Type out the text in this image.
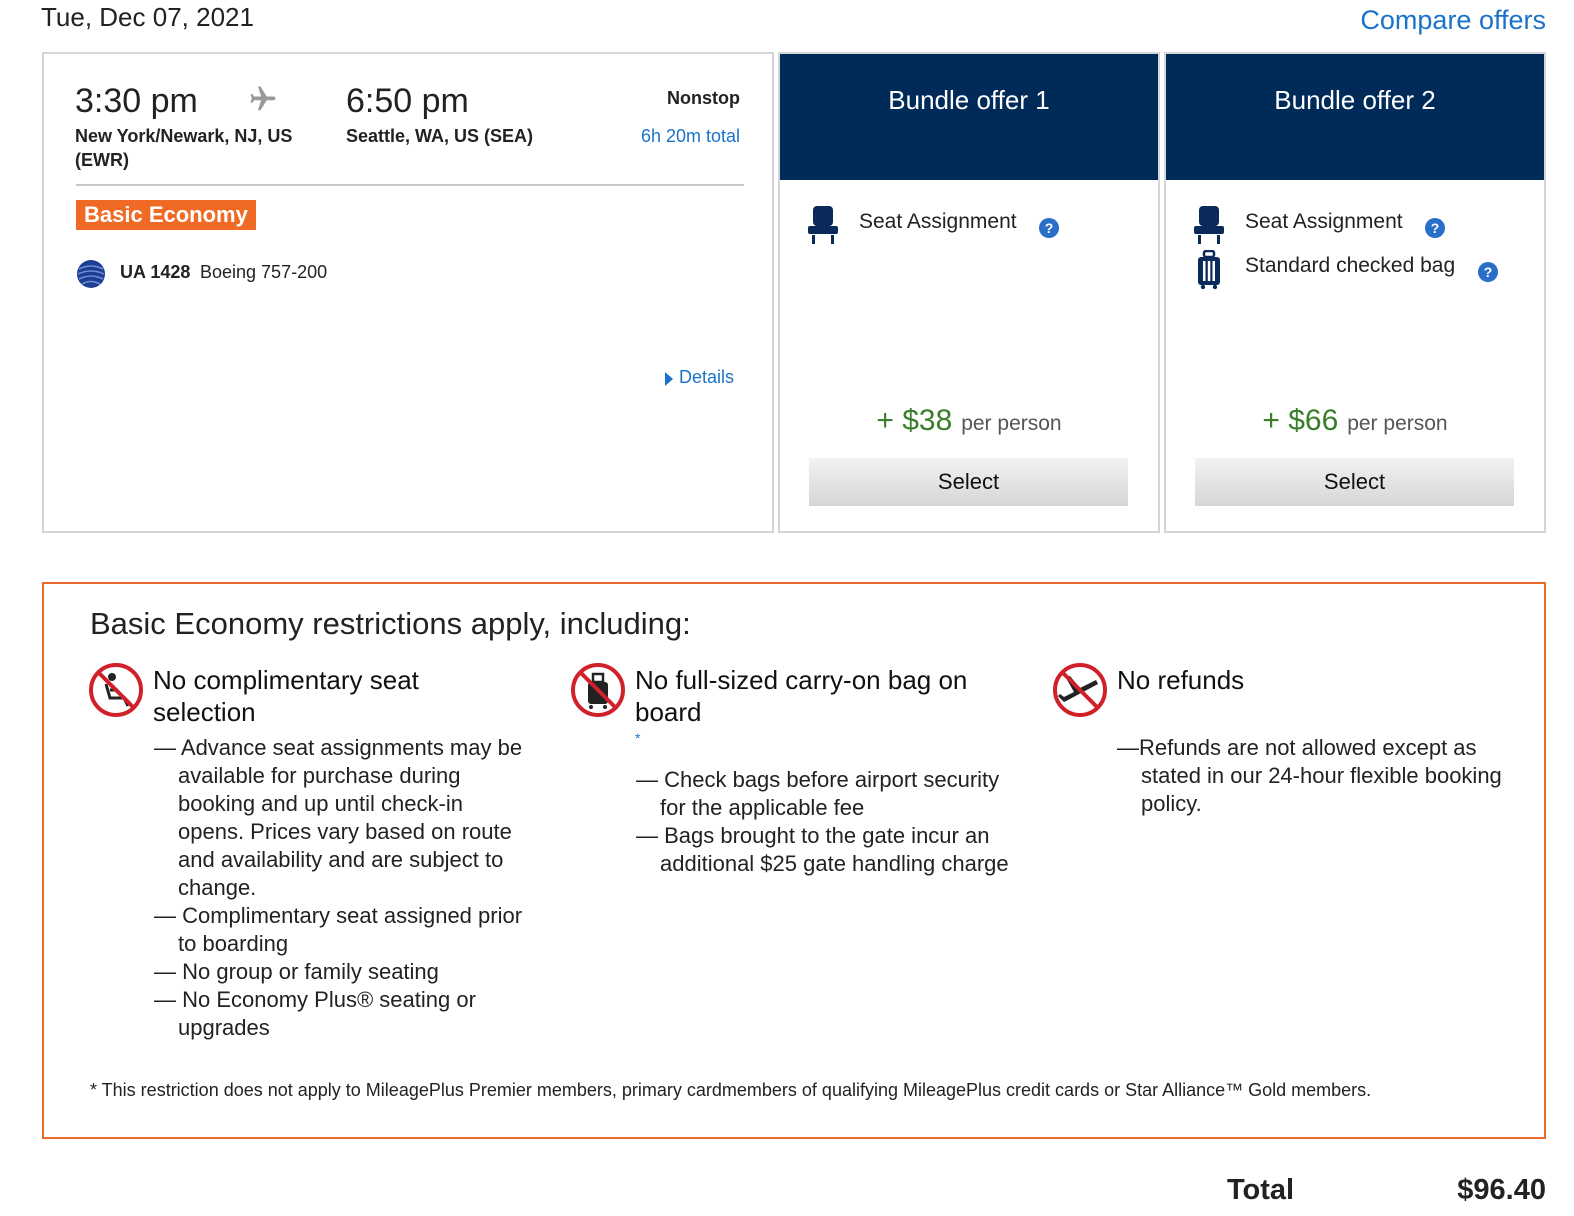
Tue, Dec 07, 2021	Compare offers
3:30 pm	6:50 pm
New York/Newark, NJ, US
(EWR)
Seattle, WA, US (SEA)
Nonstop
6h 20m total
Basic Economy
UA 1428 Boeing 757-200
Details
Bundle offer 1
Seat Assignment	?
+ $38 per person
Select
Bundle offer 2
Seat Assignment	?
Standard checked bag	?
+ $66 per person
Select
Basic Economy restrictions apply, including:
No complimentary seat
selection
— Advance seat assignments may be available for purchase during booking and up until check-in opens. Prices vary based on route and availability and are subject to change.
— Complimentary seat assigned prior to boarding
— No group or family seating
— No Economy Plus® seating or upgrades
No full-sized carry-on bag on
board
*
— Check bags before airport security for the applicable fee
— Bags brought to the gate incur an additional $25 gate handling charge
No refunds
—Refunds are not allowed except as stated in our 24-hour flexible booking policy.
* This restriction does not apply to MileagePlus Premier members, primary cardmembers of qualifying MileagePlus credit cards or Star Alliance™ Gold members.
Total	$96.40
